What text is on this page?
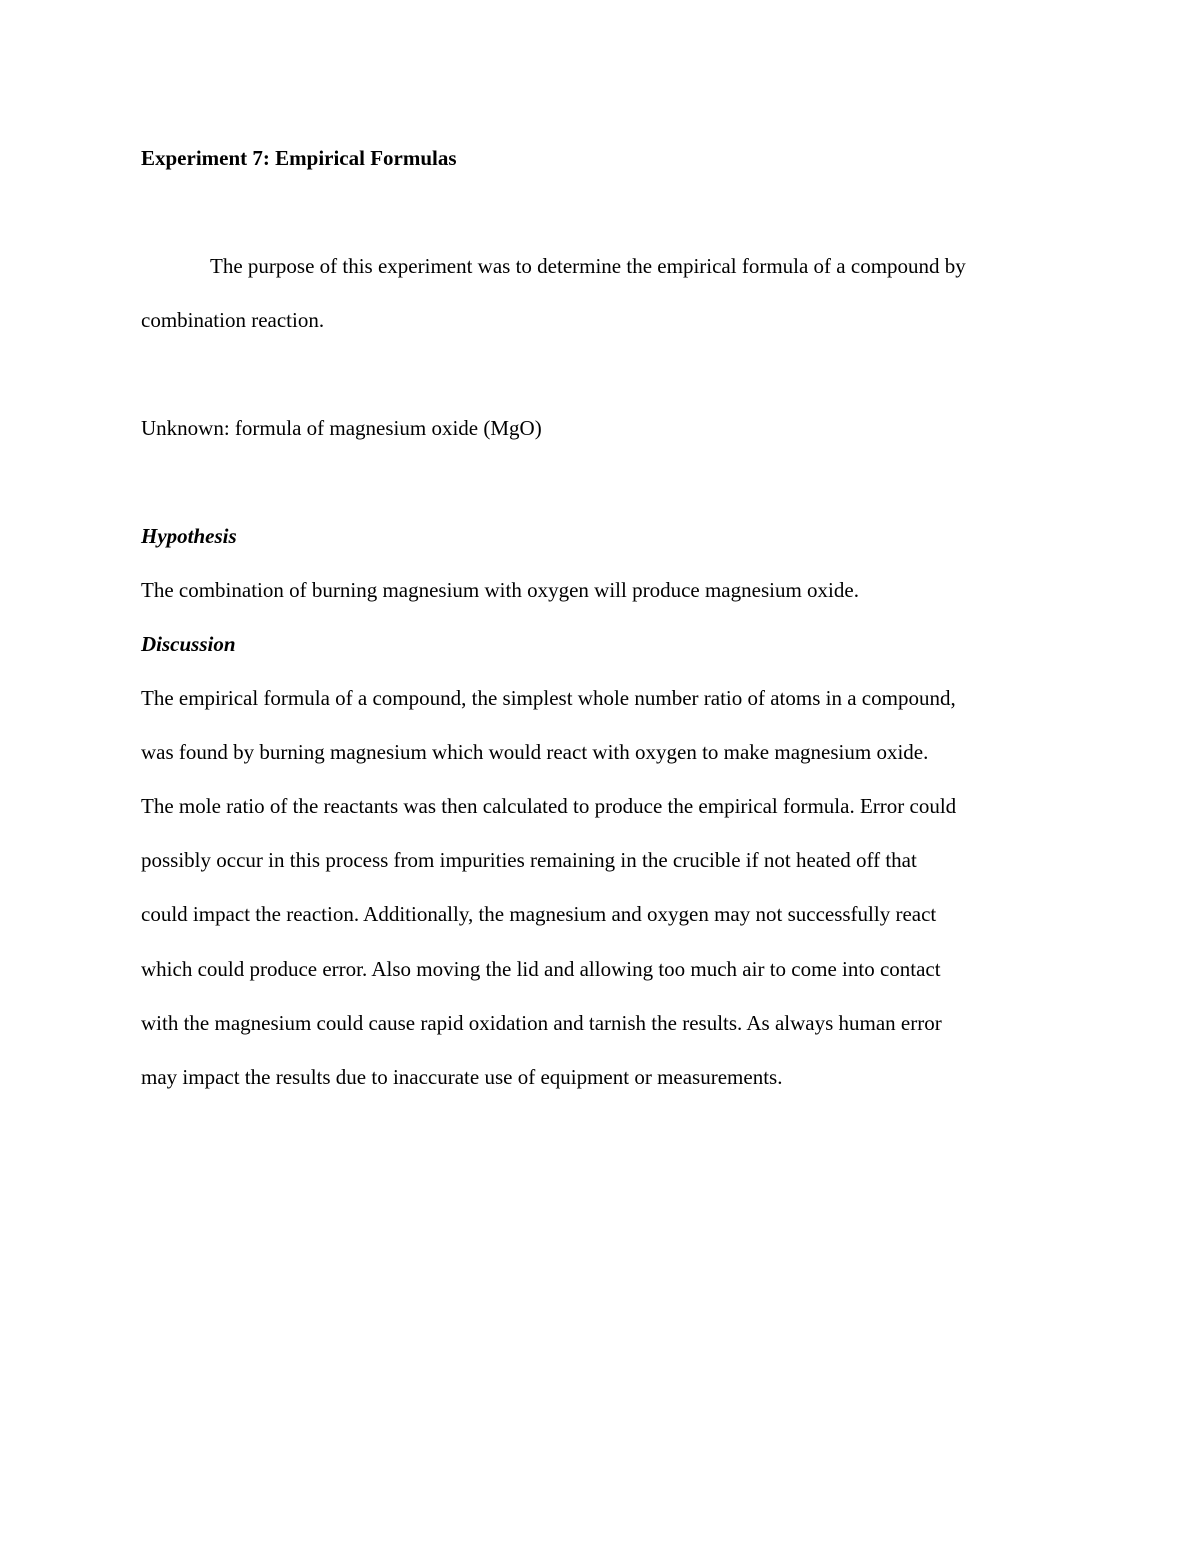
Experiment 7: Empirical Formulas

The purpose of this experiment was to determine the empirical formula of a compound by

combination reaction.

Unknown: formula of magnesium oxide (MgO)

Hypothesis

The combination of burning magnesium with oxygen will produce magnesium oxide.

Discussion

The empirical formula of a compound, the simplest whole number ratio of atoms in a compound,

was found by burning magnesium which would react with oxygen to make magnesium oxide.

The mole ratio of the reactants was then calculated to produce the empirical formula. Error could

possibly occur in this process from impurities remaining in the crucible if not heated off that

could impact the reaction. Additionally, the magnesium and oxygen may not successfully react

which could produce error. Also moving the lid and allowing too much air to come into contact

with the magnesium could cause rapid oxidation and tarnish the results. As always human error

may impact the results due to inaccurate use of equipment or measurements.
